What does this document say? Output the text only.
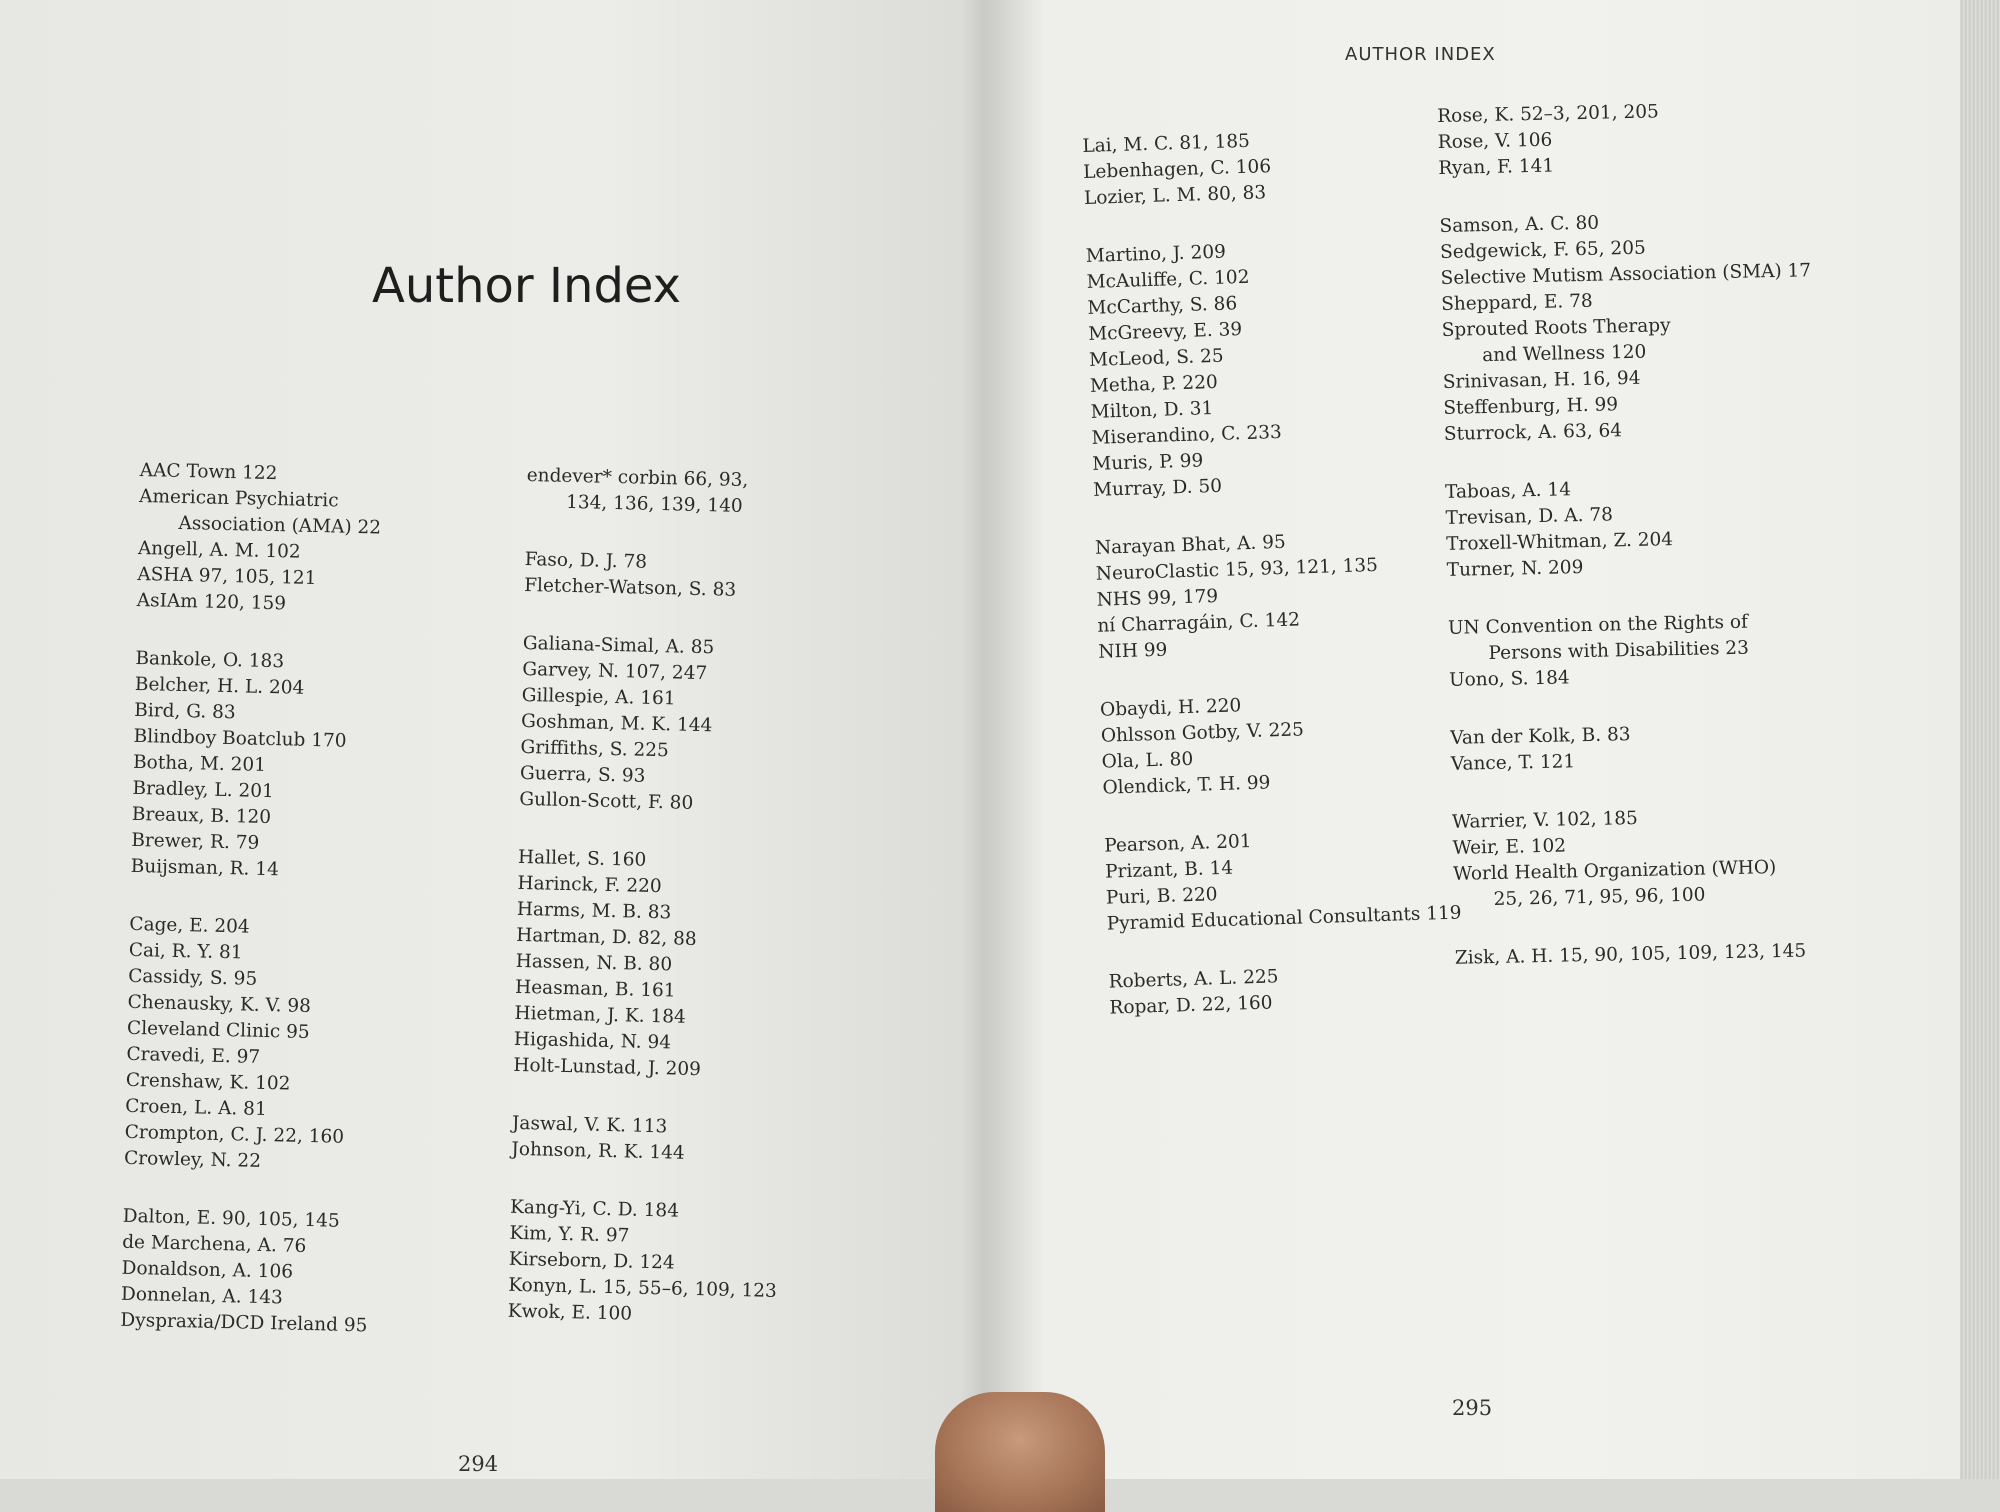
Author Index
AAC Town 122
American Psychiatric
Association (AMA) 22
Angell, A. M. 102
ASHA 97, 105, 121
AsIAm 120, 159
Bankole, O. 183
Belcher, H. L. 204
Bird, G. 83
Blindboy Boatclub 170
Botha, M. 201
Bradley, L. 201
Breaux, B. 120
Brewer, R. 79
Buijsman, R. 14
Cage, E. 204
Cai, R. Y. 81
Cassidy, S. 95
Chenausky, K. V. 98
Cleveland Clinic 95
Cravedi, E. 97
Crenshaw, K. 102
Croen, L. A. 81
Crompton, C. J. 22, 160
Crowley, N. 22
Dalton, E. 90, 105, 145
de Marchena, A. 76
Donaldson, A. 106
Donnelan, A. 143
Dyspraxia/DCD Ireland 95
endever* corbin 66, 93,
134, 136, 139, 140
Faso, D. J. 78
Fletcher-Watson, S. 83
Galiana-Simal, A. 85
Garvey, N. 107, 247
Gillespie, A. 161
Goshman, M. K. 144
Griffiths, S. 225
Guerra, S. 93
Gullon-Scott, F. 80
Hallet, S. 160
Harinck, F. 220
Harms, M. B. 83
Hartman, D. 82, 88
Hassen, N. B. 80
Heasman, B. 161
Hietman, J. K. 184
Higashida, N. 94
Holt-Lunstad, J. 209
Jaswal, V. K. 113
Johnson, R. K. 144
Kang-Yi, C. D. 184
Kim, Y. R. 97
Kirseborn, D. 124
Konyn, L. 15, 55–6, 109, 123
Kwok, E. 100
294
AUTHOR INDEX
Lai, M. C. 81, 185
Lebenhagen, C. 106
Lozier, L. M. 80, 83
Martino, J. 209
McAuliffe, C. 102
McCarthy, S. 86
McGreevy, E. 39
McLeod, S. 25
Metha, P. 220
Milton, D. 31
Miserandino, C. 233
Muris, P. 99
Murray, D. 50
Narayan Bhat, A. 95
NeuroClastic 15, 93, 121, 135
NHS 99, 179
ní Charragáin, C. 142
NIH 99
Obaydi, H. 220
Ohlsson Gotby, V. 225
Ola, L. 80
Olendick, T. H. 99
Pearson, A. 201
Prizant, B. 14
Puri, B. 220
Pyramid Educational Consultants 119
Roberts, A. L. 225
Ropar, D. 22, 160
Rose, K. 52–3, 201, 205
Rose, V. 106
Ryan, F. 141
Samson, A. C. 80
Sedgewick, F. 65, 205
Selective Mutism Association (SMA) 17
Sheppard, E. 78
Sprouted Roots Therapy
and Wellness 120
Srinivasan, H. 16, 94
Steffenburg, H. 99
Sturrock, A. 63, 64
Taboas, A. 14
Trevisan, D. A. 78
Troxell-Whitman, Z. 204
Turner, N. 209
UN Convention on the Rights of
Persons with Disabilities 23
Uono, S. 184
Van der Kolk, B. 83
Vance, T. 121
Warrier, V. 102, 185
Weir, E. 102
World Health Organization (WHO)
25, 26, 71, 95, 96, 100
Zisk, A. H. 15, 90, 105, 109, 123, 145
295
